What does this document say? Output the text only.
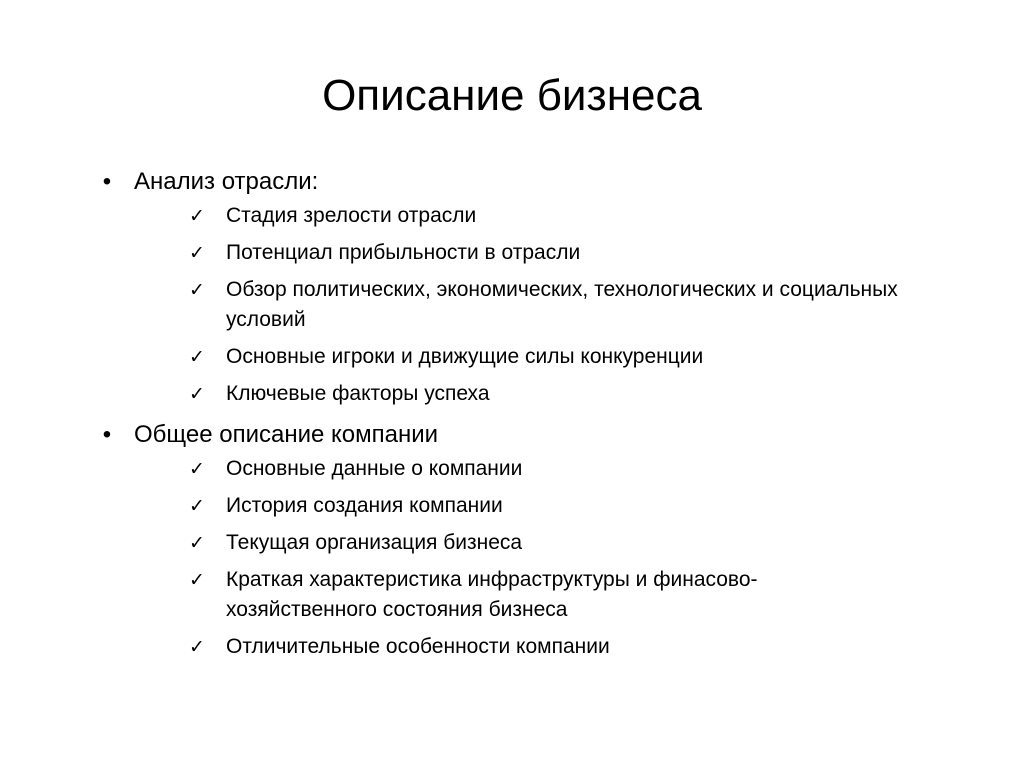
Описание бизнеса
• Анализ отрасли:
✓ Стадия зрелости отрасли
✓ Потенциал прибыльности в отрасли
✓ Обзор политических, экономических, технологических и социальных условий
✓ Основные игроки и движущие силы конкуренции
✓ Ключевые факторы успеха
• Общее описание компании
✓ Основные данные о компании
✓ История создания компании
✓ Текущая организация бизнеса
✓ Краткая характеристика инфраструктуры и финасово-хозяйственного состояния бизнеса
✓ Отличительные особенности компании
